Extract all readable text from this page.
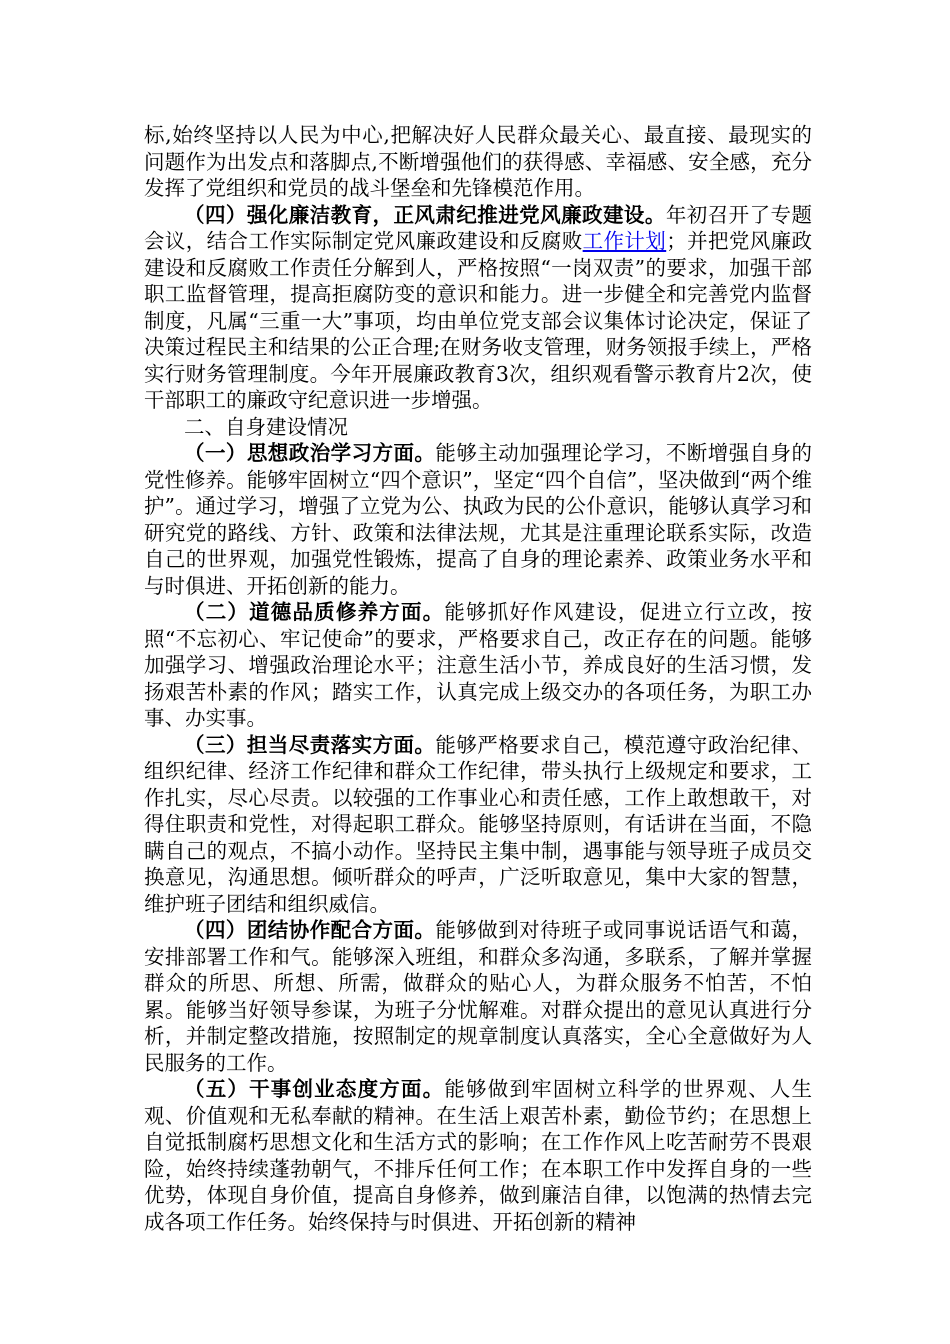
标,始终坚持以人民为中心,把解决好人民群众最关心、最直接、最现实的问题作为出发点和落脚点,不断增强他们的获得感、幸福感、安全感，充分发挥了党组织和党员的战斗堡垒和先锋模范作用。

（四）强化廉洁教育，正风肃纪推进党风廉政建设。年初召开了专题会议，结合工作实际制定党风廉政建设和反腐败工作计划；并把党风廉政建设和反腐败工作责任分解到人，严格按照“一岗双责”的要求，加强干部职工监督管理，提高拒腐防变的意识和能力。进一步健全和完善党内监督制度，凡属“三重一大”事项，均由单位党支部会议集体讨论决定，保证了决策过程民主和结果的公正合理;在财务收支管理，财务领报手续上，严格实行财务管理制度。今年开展廉政教育3次，组织观看警示教育片2次，使干部职工的廉政守纪意识进一步增强。

二、自身建设情况

（一）思想政治学习方面。能够主动加强理论学习，不断增强自身的党性修养。能够牢固树立“四个意识”，坚定“四个自信”，坚决做到“两个维护”。通过学习，增强了立党为公、执政为民的公仆意识，能够认真学习和研究党的路线、方针、政策和法律法规，尤其是注重理论联系实际，改造自己的世界观，加强党性锻炼，提高了自身的理论素养、政策业务水平和与时俱进、开拓创新的能力。

（二）道德品质修养方面。能够抓好作风建设，促进立行立改，按照“不忘初心、牢记使命”的要求，严格要求自己，改正存在的问题。能够加强学习、增强政治理论水平；注意生活小节，养成良好的生活习惯，发扬艰苦朴素的作风；踏实工作，认真完成上级交办的各项任务，为职工办事、办实事。

（三）担当尽责落实方面。能够严格要求自己，模范遵守政治纪律、组织纪律、经济工作纪律和群众工作纪律，带头执行上级规定和要求，工作扎实，尽心尽责。以较强的工作事业心和责任感，工作上敢想敢干，对得住职责和党性，对得起职工群众。能够坚持原则，有话讲在当面，不隐瞒自己的观点，不搞小动作。坚持民主集中制，遇事能与领导班子成员交换意见，沟通思想。倾听群众的呼声，广泛听取意见，集中大家的智慧，维护班子团结和组织威信。

（四）团结协作配合方面。能够做到对待班子或同事说话语气和蔼，安排部署工作和气。能够深入班组，和群众多沟通，多联系，了解并掌握群众的所思、所想、所需，做群众的贴心人，为群众服务不怕苦，不怕累。能够当好领导参谋，为班子分忧解难。对群众提出的意见认真进行分析，并制定整改措施，按照制定的规章制度认真落实，全心全意做好为人民服务的工作。

（五）干事创业态度方面。能够做到牢固树立科学的世界观、人生观、价值观和无私奉献的精神。在生活上艰苦朴素，勤俭节约；在思想上自觉抵制腐朽思想文化和生活方式的影响；在工作作风上吃苦耐劳不畏艰险，始终持续蓬勃朝气，不排斥任何工作；在本职工作中发挥自身的一些优势，体现自身价值，提高自身修养，做到廉洁自律，以饱满的热情去完成各项工作任务。始终保持与时俱进、开拓创新的精神
